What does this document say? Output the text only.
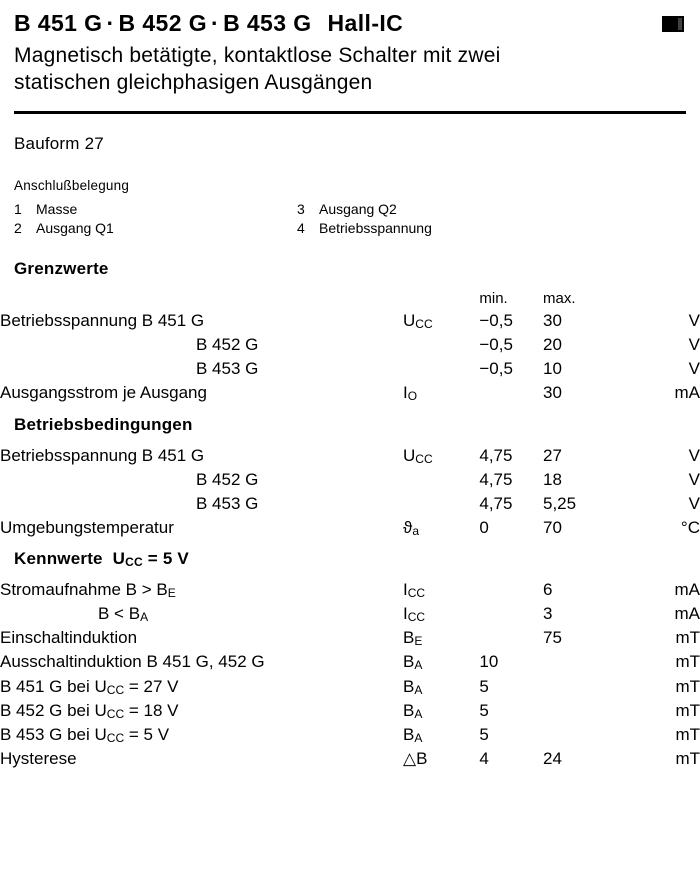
B 451 G · B 452 G · B 453 G Hall-IC
Magnetisch betätigte, kontaktlose Schalter mit zwei
statischen gleichphasigen Ausgängen
Bauform 27
Anschlußbelegung
1 Masse
2 Ausgang Q1
3 Ausgang Q2
4 Betriebsspannung
Grenzwerte
		min.	max.	
Betriebsspannung B 451 G	UCC	−0,5	30	V
B 452 G		−0,5	20	V
B 453 G		−0,5	10	V
Ausgangsstrom je Ausgang	IO		30	mA
Betriebsbedingungen
Betriebsspannung B 451 G	UCC	4,75	27	V
B 452 G		4,75	18	V
B 453 G		4,75	5,25	V
Umgebungstemperatur	ϑa	0	70	°C
Kennwerte UCC = 5 V
Stromaufnahme B > BE	ICC		6	mA
B < BA	ICC		3	mA
Einschaltinduktion	BE		75	mT
Ausschaltinduktion B 451 G, 452 G	BA	10		mT
B 451 G bei UCC = 27 V	BA	5		mT
B 452 G bei UCC = 18 V	BA	5		mT
B 453 G bei UCC = 5 V	BA	5		mT
Hysterese	△B	4	24	mT
